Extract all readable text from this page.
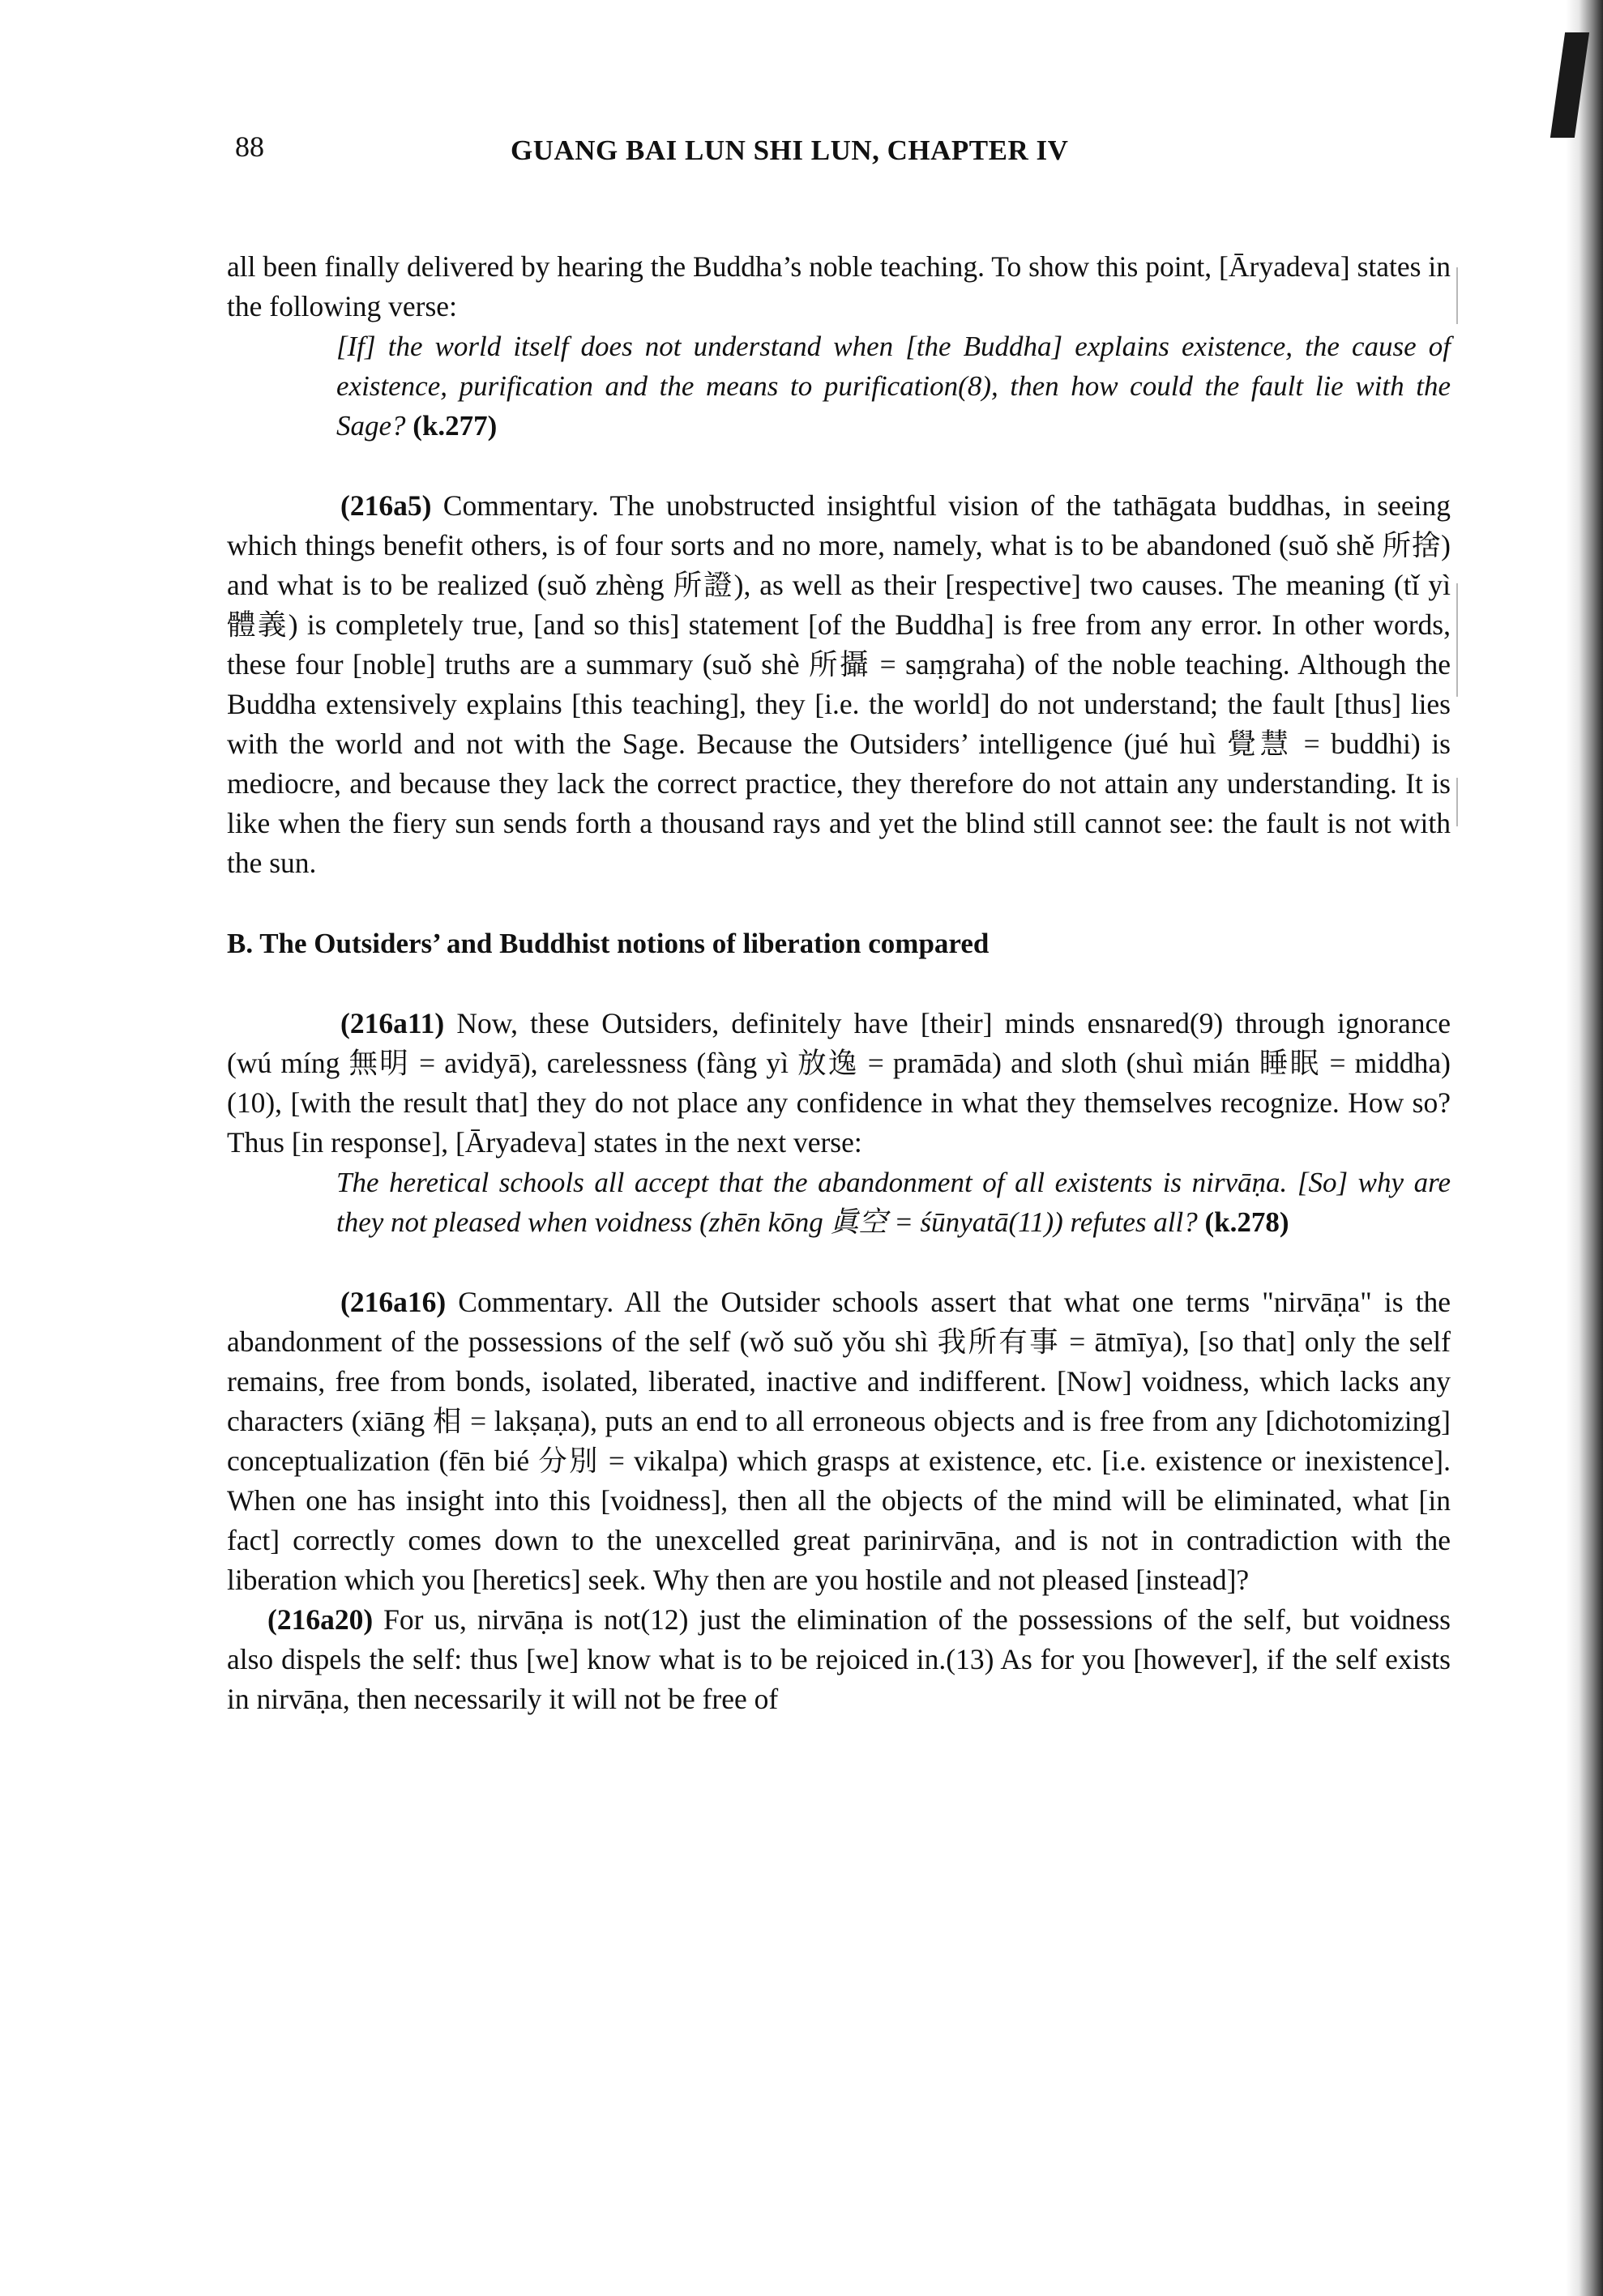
88	GUANG BAI LUN SHI LUN, CHAPTER IV

all been finally delivered by hearing the Buddha’s noble teaching. To show this point, [Āryadeva] states in the following verse:

[If] the world itself does not understand when [the Buddha] explains existence, the cause of existence, purification and the means to purification(8), then how could the fault lie with the Sage? (k.277)

(216a5) Commentary. The unobstructed insightful vision of the tathāgata buddhas, in seeing which things benefit others, is of four sorts and no more, namely, what is to be abandoned (suǒ shě 所捨) and what is to be realized (suǒ zhèng 所證), as well as their [respective] two causes. The meaning (tǐ yì 體義) is completely true, [and so this] statement [of the Buddha] is free from any error. In other words, these four [noble] truths are a summary (suǒ shè 所攝 = saṃgraha) of the noble teaching. Although the Buddha extensively explains [this teaching], they [i.e. the world] do not understand; the fault [thus] lies with the world and not with the Sage. Because the Outsiders’ intelligence (jué huì 覺慧 = buddhi) is mediocre, and because they lack the correct practice, they therefore do not attain any understanding. It is like when the fiery sun sends forth a thousand rays and yet the blind still cannot see: the fault is not with the sun.

B. The Outsiders’ and Buddhist notions of liberation compared

(216a11) Now, these Outsiders, definitely have [their] minds ensnared(9) through ignorance (wú míng 無明 = avidyā), carelessness (fàng yì 放逸 = pramāda) and sloth (shuì mián 睡眠 = middha)(10), [with the result that] they do not place any confidence in what they themselves recognize. How so? Thus [in response], [Āryadeva] states in the next verse:

The heretical schools all accept that the abandonment of all existents is nirvāṇa. [So] why are they not pleased when voidness (zhēn kōng 眞空 = śūnyatā(11)) refutes all? (k.278)

(216a16) Commentary. All the Outsider schools assert that what one terms "nirvāṇa" is the abandonment of the possessions of the self (wǒ suǒ yǒu shì 我所有事 = ātmīya), [so that] only the self remains, free from bonds, isolated, liberated, inactive and indifferent. [Now] voidness, which lacks any characters (xiāng 相 = lakṣaṇa), puts an end to all erroneous objects and is free from any [dichotomizing] conceptualization (fēn bié 分別 = vikalpa) which grasps at existence, etc. [i.e. existence or inexistence]. When one has insight into this [voidness], then all the objects of the mind will be eliminated, what [in fact] correctly comes down to the unexcelled great parinirvāṇa, and is not in contradiction with the liberation which you [heretics] seek. Why then are you hostile and not pleased [instead]?

(216a20) For us, nirvāṇa is not(12) just the elimination of the possessions of the self, but voidness also dispels the self: thus [we] know what is to be rejoiced in.(13) As for you [however], if the self exists in nirvāṇa, then necessarily it will not be free of
